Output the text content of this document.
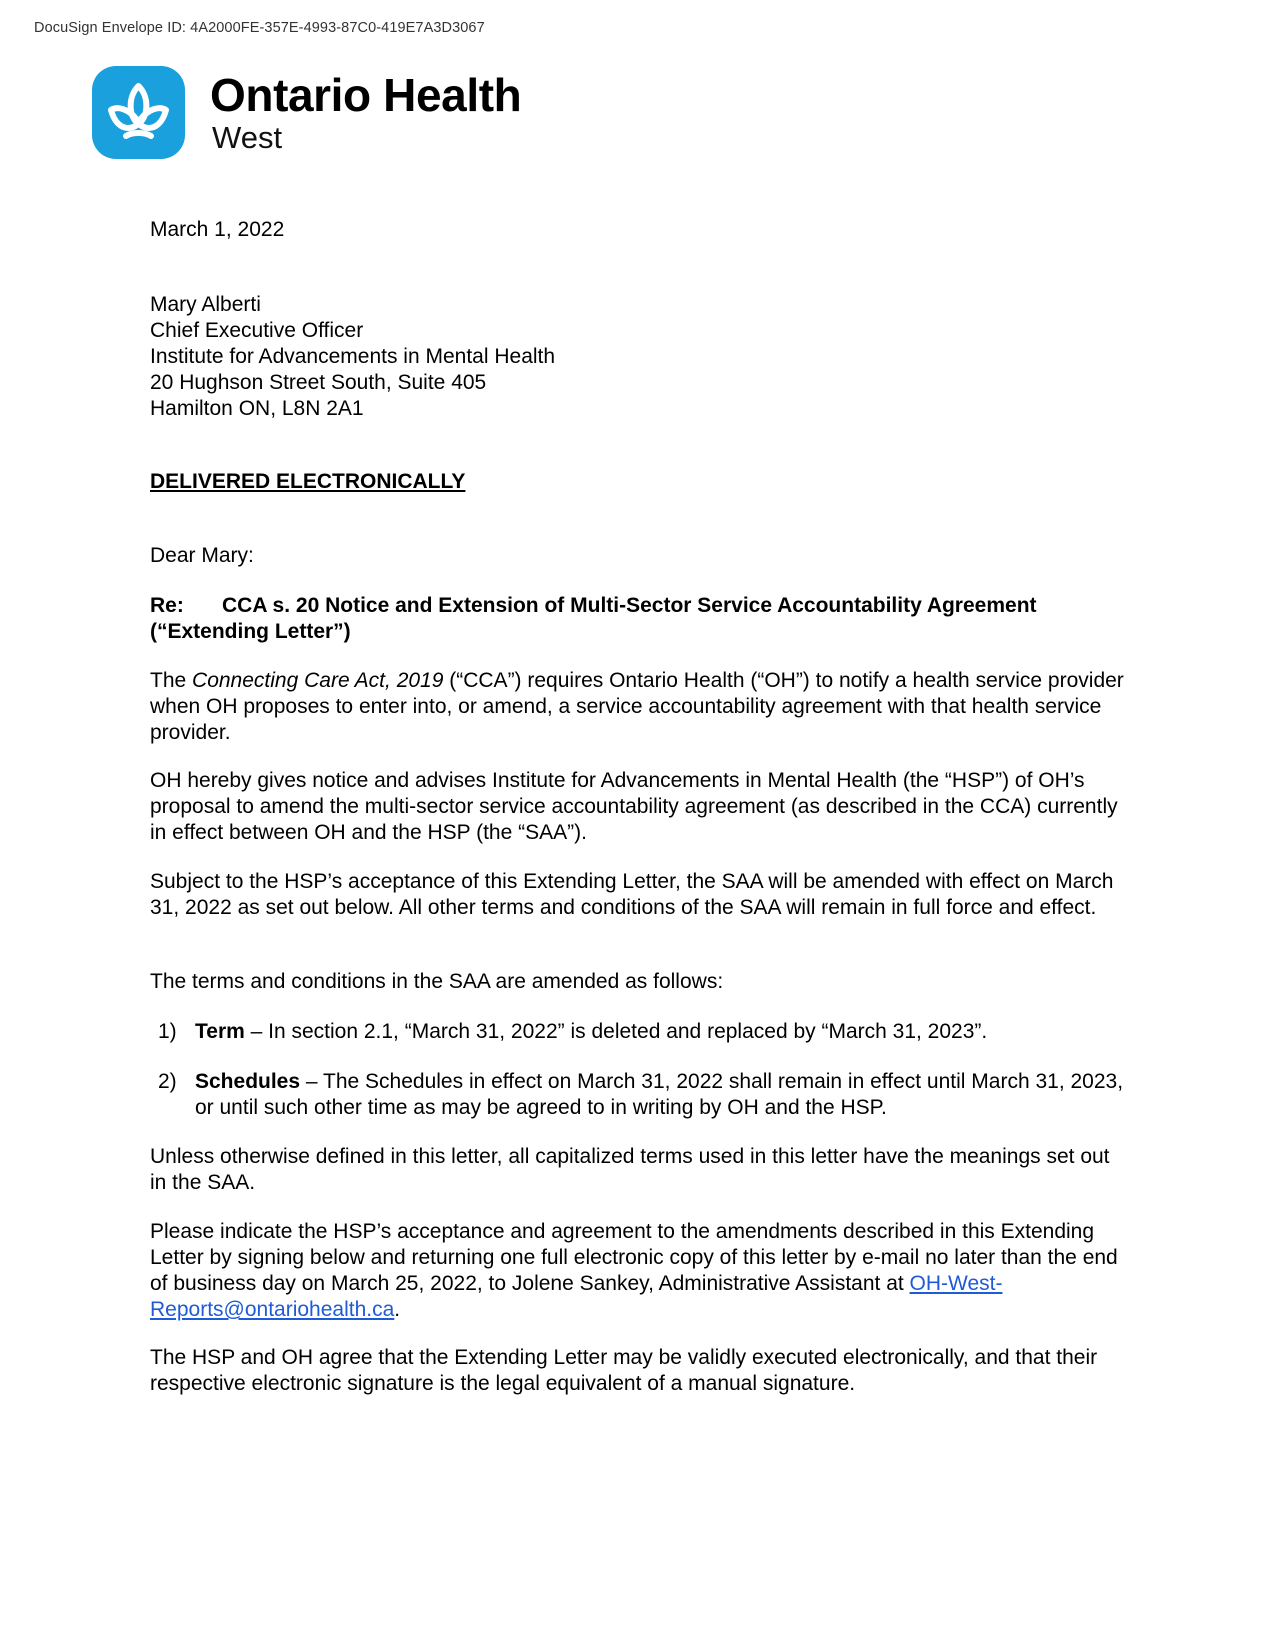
DocuSign Envelope ID: 4A2000FE-357E-4993-87C0-419E7A3D3067
Ontario Health
West
March 1, 2022
Mary Alberti
Chief Executive Officer
Institute for Advancements in Mental Health
20 Hughson Street South, Suite 405
Hamilton ON, L8N 2A1
DELIVERED ELECTRONICALLY
Dear Mary:
Re: CCA s. 20 Notice and Extension of Multi-Sector Service Accountability Agreement
(“Extending Letter”)

The Connecting Care Act, 2019 (“CCA”) requires Ontario Health (“OH”) to notify a health service provider when OH proposes to enter into, or amend, a service accountability agreement with that health service provider.

OH hereby gives notice and advises Institute for Advancements in Mental Health (the “HSP”) of OH’s proposal to amend the multi-sector service accountability agreement (as described in the CCA) currently in effect between OH and the HSP (the “SAA”).

Subject to the HSP’s acceptance of this Extending Letter, the SAA will be amended with effect on March 31, 2022 as set out below. All other terms and conditions of the SAA will remain in full force and effect.

The terms and conditions in the SAA are amended as follows:

1) Term – In section 2.1, “March 31, 2022” is deleted and replaced by “March 31, 2023”.
2) Schedules – The Schedules in effect on March 31, 2022 shall remain in effect until March 31, 2023, or until such other time as may be agreed to in writing by OH and the HSP.

Unless otherwise defined in this letter, all capitalized terms used in this letter have the meanings set out in the SAA.

Please indicate the HSP’s acceptance and agreement to the amendments described in this Extending Letter by signing below and returning one full electronic copy of this letter by e-mail no later than the end of business day on March 25, 2022, to Jolene Sankey, Administrative Assistant at OH-West-Reports@ontariohealth.ca.

The HSP and OH agree that the Extending Letter may be validly executed electronically, and that their respective electronic signature is the legal equivalent of a manual signature.
